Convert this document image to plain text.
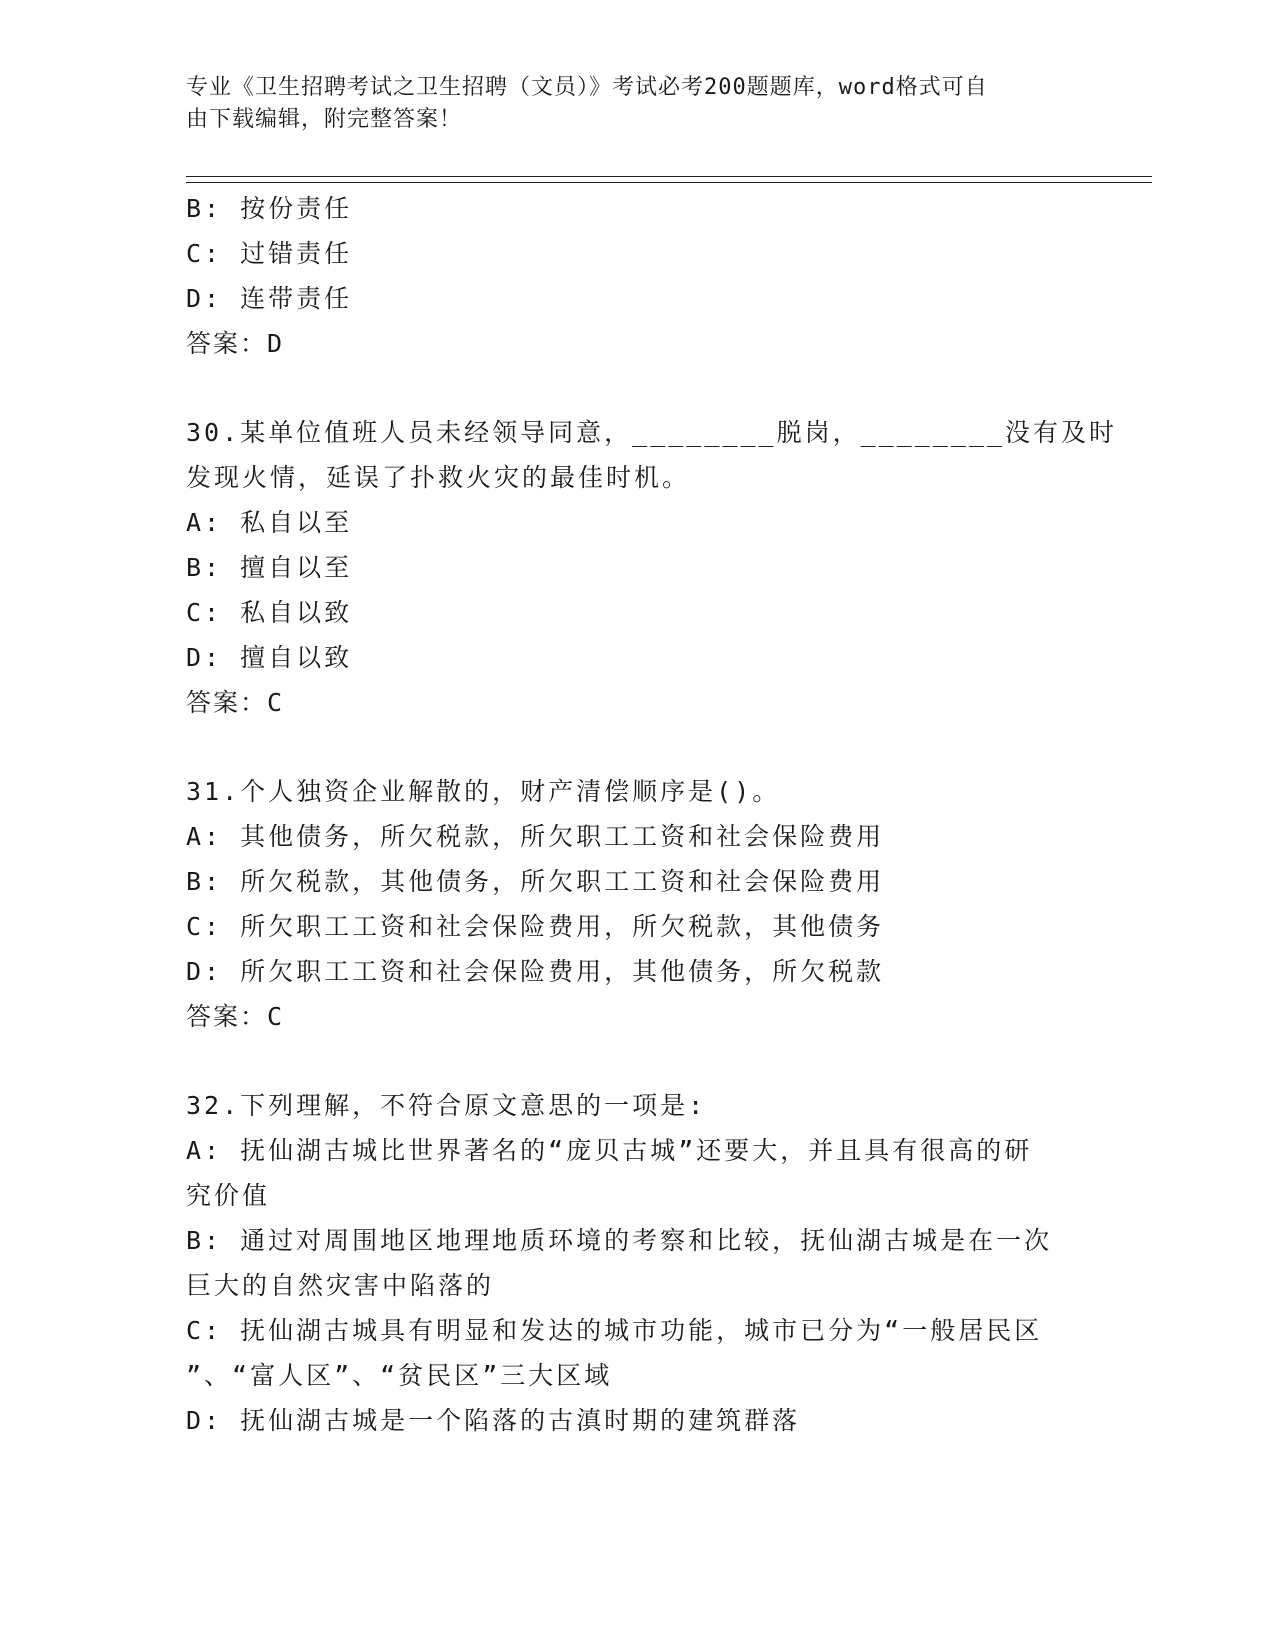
专业《卫生招聘考试之卫生招聘（文员）》考试必考200题题库，word格式可自
由下载编辑，附完整答案！
B: 按份责任
C: 过错责任
D: 连带责任
答案：D
30.某单位值班人员未经领导同意，________脱岗，________没有及时
发现火情，延误了扑救火灾的最佳时机。
A: 私自以至
B: 擅自以至
C: 私自以致
D: 擅自以致
答案：C
31.个人独资企业解散的，财产清偿顺序是()。
A: 其他债务，所欠税款，所欠职工工资和社会保险费用
B: 所欠税款，其他债务，所欠职工工资和社会保险费用
C: 所欠职工工资和社会保险费用，所欠税款，其他债务
D: 所欠职工工资和社会保险费用，其他债务，所欠税款
答案：C
32.下列理解，不符合原文意思的一项是:
A: 抚仙湖古城比世界著名的“庞贝古城”还要大，并且具有很高的研
究价值
B: 通过对周围地区地理地质环境的考察和比较，抚仙湖古城是在一次
巨大的自然灾害中陷落的
C: 抚仙湖古城具有明显和发达的城市功能，城市已分为“一般居民区
”、“富人区”、“贫民区”三大区域
D: 抚仙湖古城是一个陷落的古滇时期的建筑群落
